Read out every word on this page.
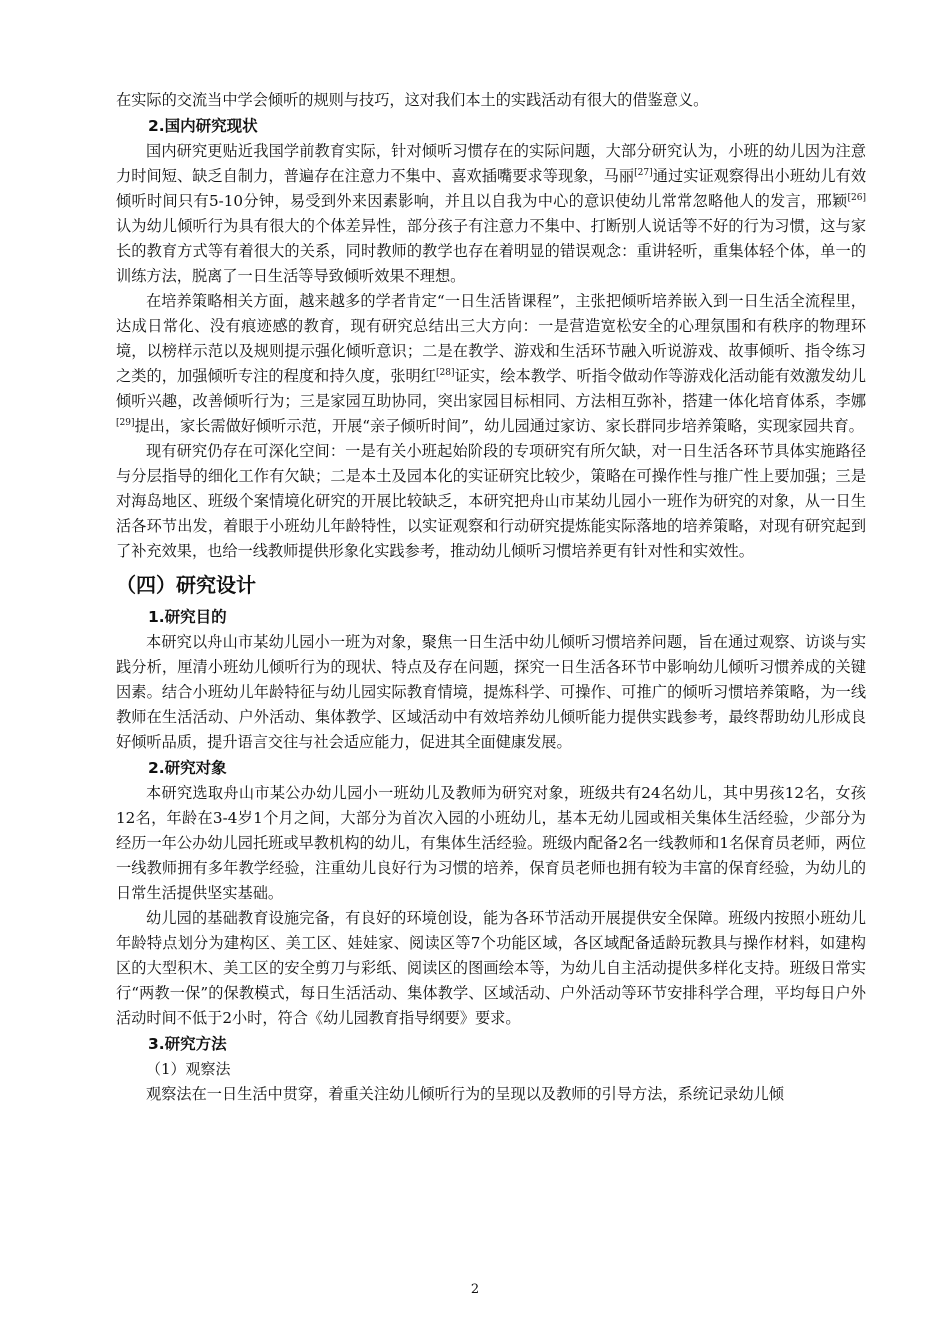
在实际的交流当中学会倾听的规则与技巧，这对我们本土的实践活动有很大的借鉴意义。

2.国内研究现状

国内研究更贴近我国学前教育实际，针对倾听习惯存在的实际问题，大部分研究认为，小班的幼儿因为注意力时间短、缺乏自制力，普遍存在注意力不集中、喜欢插嘴要求等现象，马丽[27]通过实证观察得出小班幼儿有效倾听时间只有5-10分钟，易受到外来因素影响，并且以自我为中心的意识使幼儿常常忽略他人的发言，邢颖[26]认为幼儿倾听行为具有很大的个体差异性，部分孩子有注意力不集中、打断别人说话等不好的行为习惯，这与家长的教育方式等有着很大的关系，同时教师的教学也存在着明显的错误观念：重讲轻听，重集体轻个体，单一的训练方法，脱离了一日生活等导致倾听效果不理想。

在培养策略相关方面，越来越多的学者肯定“一日生活皆课程”，主张把倾听培养嵌入到一日生活全流程里，达成日常化、没有痕迹感的教育，现有研究总结出三大方向：一是营造宽松安全的心理氛围和有秩序的物理环境，以榜样示范以及规则提示强化倾听意识；二是在教学、游戏和生活环节融入听说游戏、故事倾听、指令练习之类的，加强倾听专注的程度和持久度，张明红[28]证实，绘本教学、听指令做动作等游戏化活动能有效激发幼儿倾听兴趣，改善倾听行为；三是家园互助协同，突出家园目标相同、方法相互弥补，搭建一体化培育体系，李娜[29]提出，家长需做好倾听示范，开展“亲子倾听时间”，幼儿园通过家访、家长群同步培养策略，实现家园共育。

现有研究仍存在可深化空间：一是有关小班起始阶段的专项研究有所欠缺，对一日生活各环节具体实施路径与分层指导的细化工作有欠缺；二是本土及园本化的实证研究比较少，策略在可操作性与推广性上要加强；三是对海岛地区、班级个案情境化研究的开展比较缺乏，本研究把舟山市某幼儿园小一班作为研究的对象，从一日生活各环节出发，着眼于小班幼儿年龄特性，以实证观察和行动研究提炼能实际落地的培养策略，对现有研究起到了补充效果，也给一线教师提供形象化实践参考，推动幼儿倾听习惯培养更有针对性和实效性。

（四）研究设计
1.研究目的

本研究以舟山市某幼儿园小一班为对象，聚焦一日生活中幼儿倾听习惯培养问题，旨在通过观察、访谈与实践分析，厘清小班幼儿倾听行为的现状、特点及存在问题，探究一日生活各环节中影响幼儿倾听习惯养成的关键因素。结合小班幼儿年龄特征与幼儿园实际教育情境，提炼科学、可操作、可推广的倾听习惯培养策略，为一线教师在生活活动、户外活动、集体教学、区域活动中有效培养幼儿倾听能力提供实践参考，最终帮助幼儿形成良好倾听品质，提升语言交往与社会适应能力，促进其全面健康发展。

2.研究对象

本研究选取舟山市某公办幼儿园小一班幼儿及教师为研究对象，班级共有24名幼儿，其中男孩12名，女孩12名，年龄在3-4岁1个月之间，大部分为首次入园的小班幼儿，基本无幼儿园或相关集体生活经验，少部分为经历一年公办幼儿园托班或早教机构的幼儿，有集体生活经验。班级内配备2名一线教师和1名保育员老师，两位一线教师拥有多年教学经验，注重幼儿良好行为习惯的培养，保育员老师也拥有较为丰富的保育经验，为幼儿的日常生活提供坚实基础。

幼儿园的基础教育设施完备，有良好的环境创设，能为各环节活动开展提供安全保障。班级内按照小班幼儿年龄特点划分为建构区、美工区、娃娃家、阅读区等7个功能区域，各区域配备适龄玩教具与操作材料，如建构区的大型积木、美工区的安全剪刀与彩纸、阅读区的图画绘本等，为幼儿自主活动提供多样化支持。班级日常实行“两教一保”的保教模式，每日生活活动、集体教学、区域活动、户外活动等环节安排科学合理，平均每日户外活动时间不低于2小时，符合《幼儿园教育指导纲要》要求。

3.研究方法
（1）观察法

观察法在一日生活中贯穿，着重关注幼儿倾听行为的呈现以及教师的引导方法，系统记录幼儿倾

2
